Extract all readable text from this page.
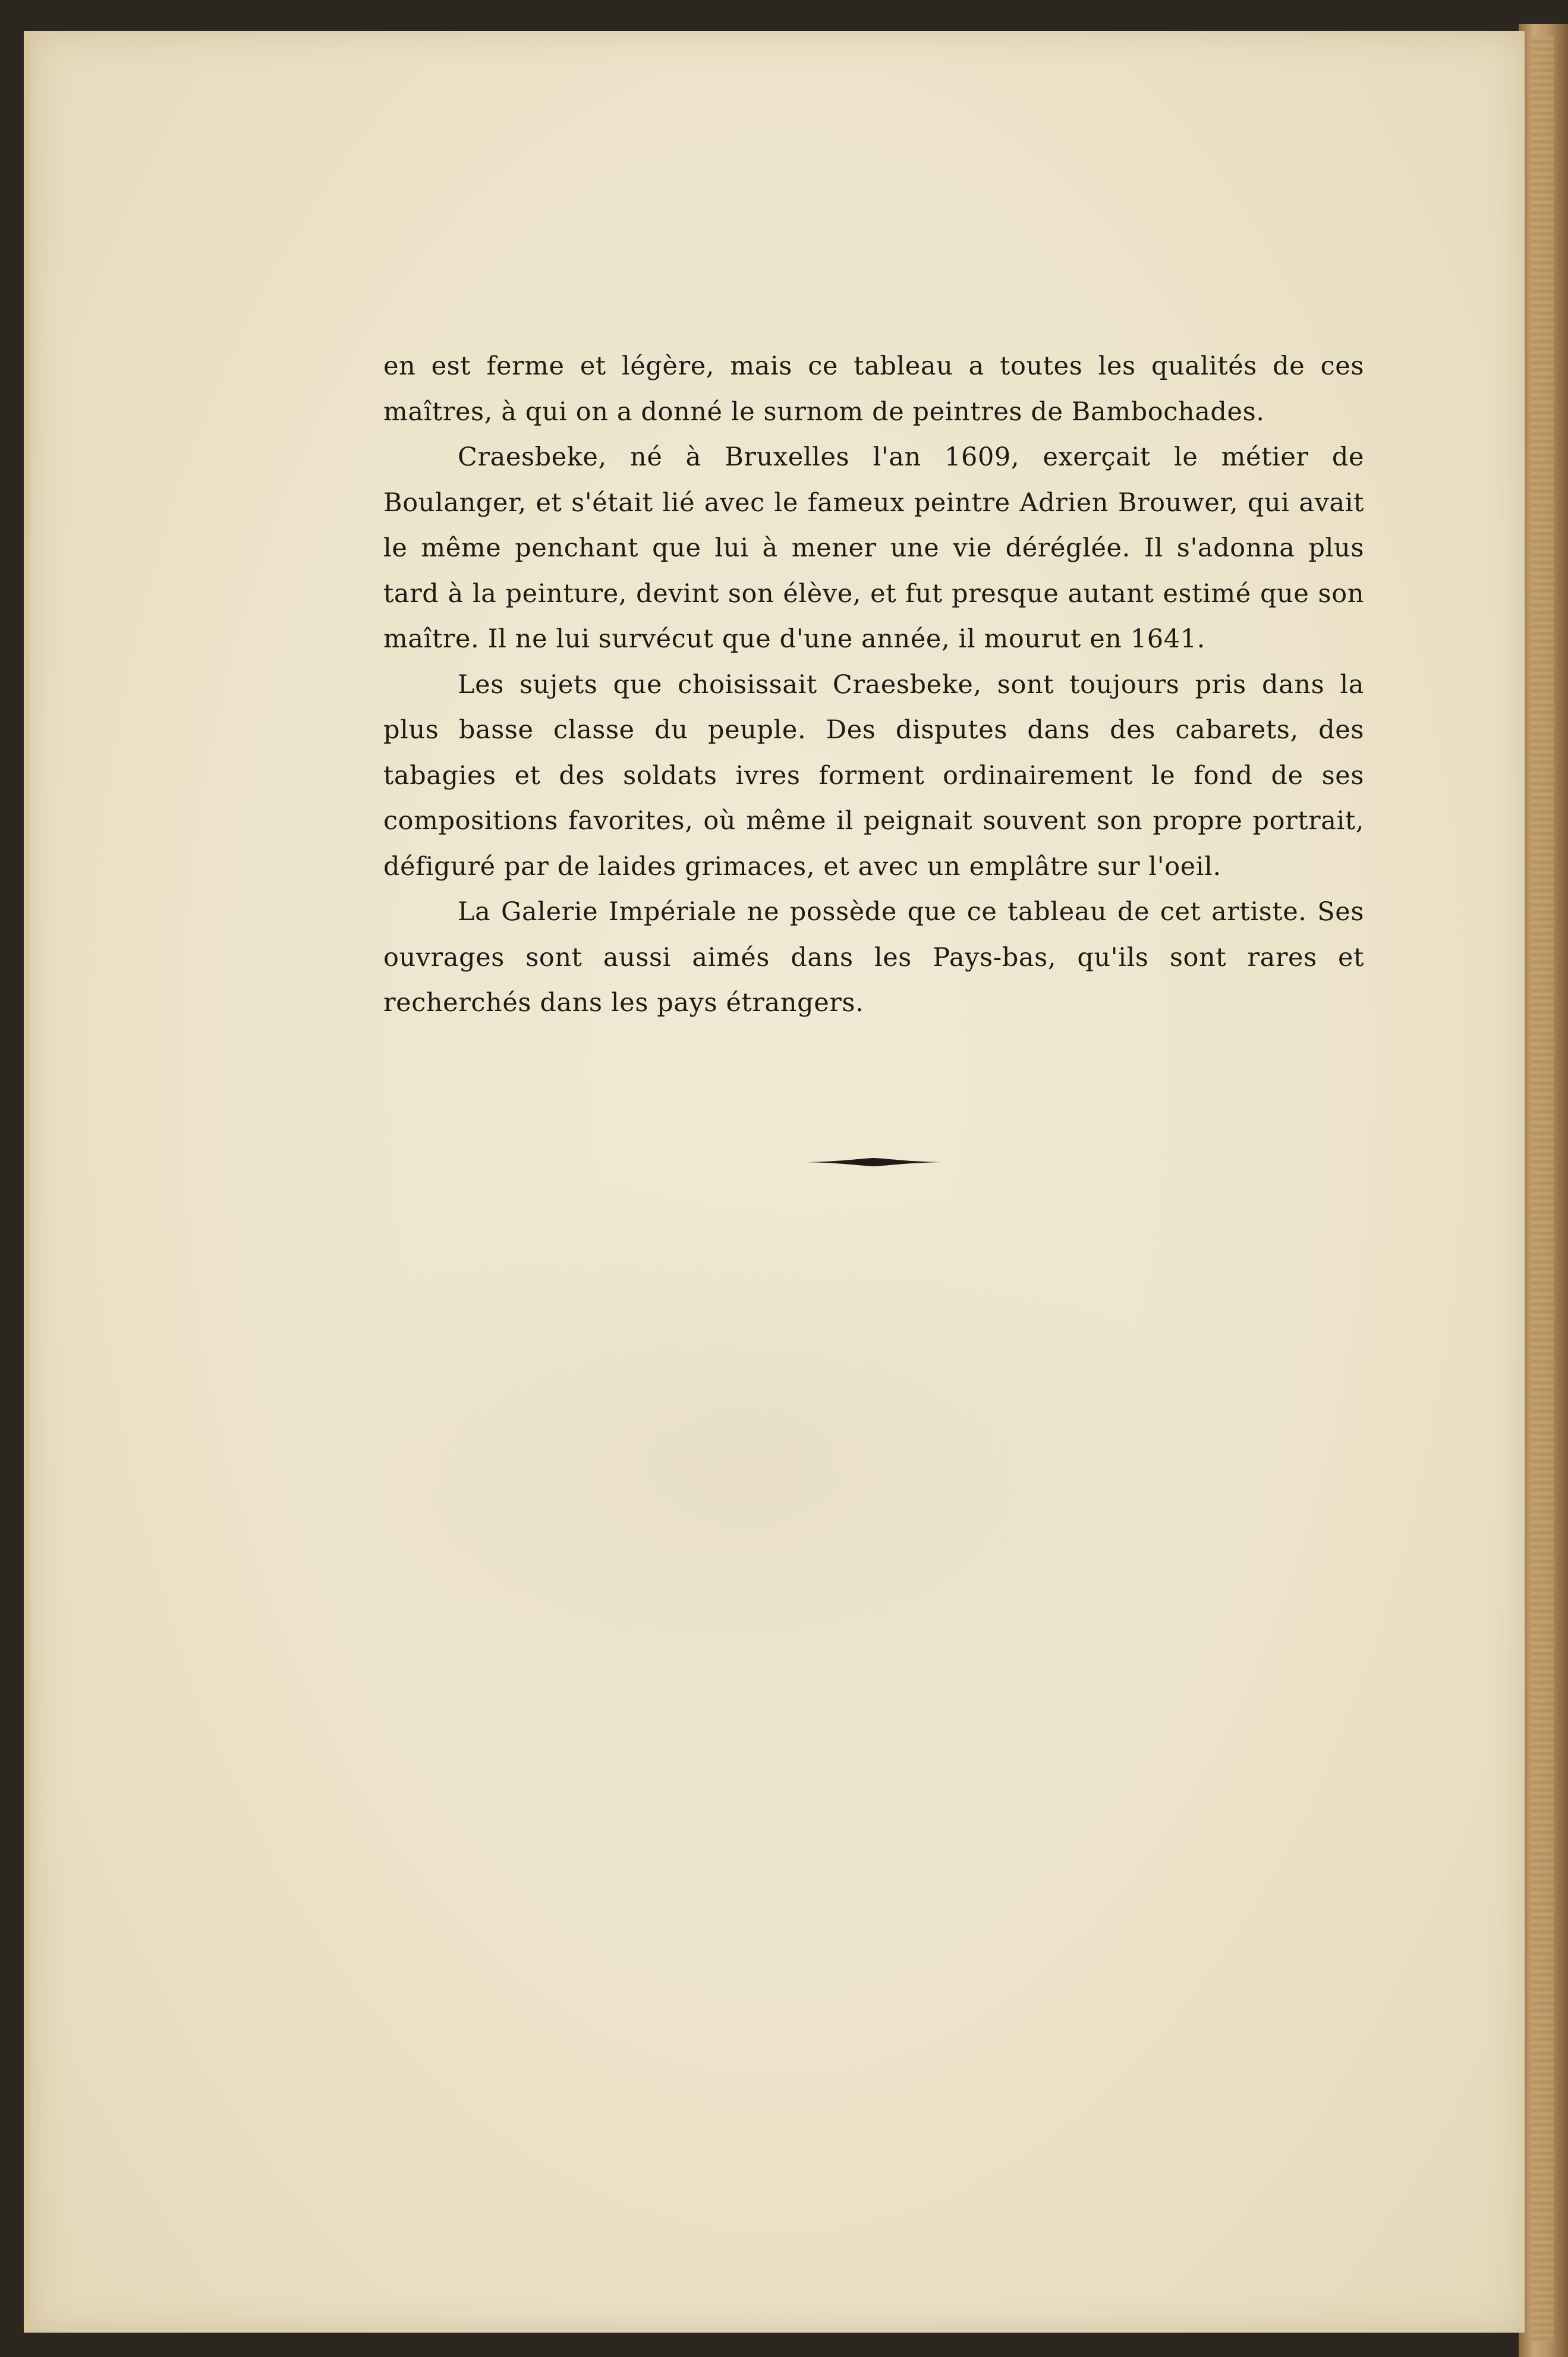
en est ferme et légère, mais ce tableau a toutes les qualités de ces maîtres, à qui on a donné le surnom de peintres de Bambochades.

Craesbeke, né à Bruxelles l'an 1609, exerçait le métier de Boulanger, et s'était lié avec le fameux peintre Adrien Brouwer, qui avait le même penchant que lui à mener une vie déréglée. Il s'adonna plus tard à la peinture, devint son élève, et fut presque autant estimé que son maître. Il ne lui survécut que d'une année, il mourut en 1641.

Les sujets que choisissait Craesbeke, sont toujours pris dans la plus basse classe du peuple. Des disputes dans des cabarets, des tabagies et des soldats ivres forment ordinairement le fond de ses compositions favorites, où même il peignait souvent son propre portrait, défiguré par de laides grimaces, et avec un emplâtre sur l'oeil.

La Galerie Impériale ne possède que ce tableau de cet artiste. Ses ouvrages sont aussi aimés dans les Pays-bas, qu'ils sont rares et recherchés dans les pays étrangers.
